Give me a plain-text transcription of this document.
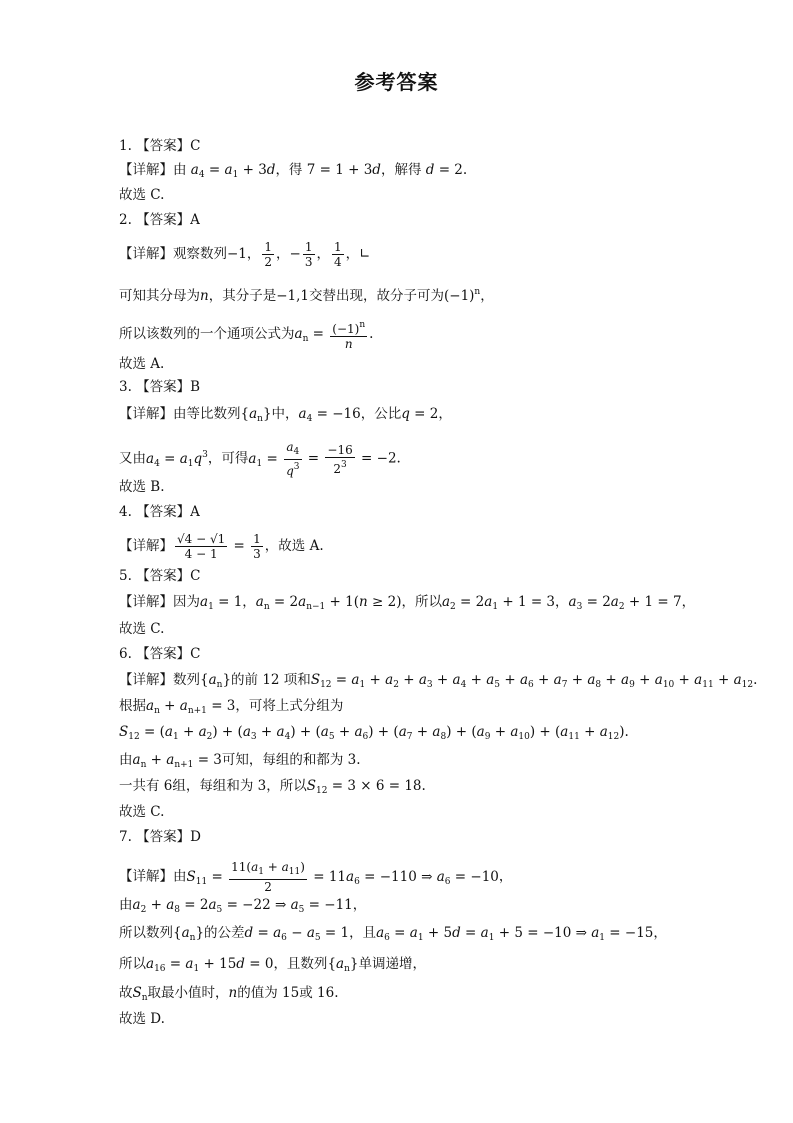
参考答案
1. 【答案】C
【详解】由 $a_4 = a_1 + 3d$，得 7 = 1 + 3d，解得 d = 2.
故选 C.
2. 【答案】A
【详解】观察数列−1， $\frac{1}{2}$ ，− $\frac{1}{3}$ ， $\frac{1}{4}$ ，∟
可知其分母为n，其分子是−1,1交替出现，故分子可为$(-1)^n$，
所以该数列的一个通项公式为$a_n = \frac{(-1)^n}{n}$ .
故选 A.
3. 【答案】B
【详解】由等比数列$\{a_n\}$中，$a_4 = -16$，公比q = 2，
又由$a_4 = a_1q^3$，可得$a_1 = \frac{a_4}{q^3} = \frac{-16}{2^3} = -2$.
故选 B.
4. 【答案】A
【详解】 $\frac{√4 - √1}{4 - 1} = \frac{1}{3}$ ，故选 A.
5. 【答案】C
【详解】因为$a_1 = 1$，$a_n = 2a_{n-1} + 1(n \ge 2)$，所以$a_2 = 2a_1 + 1 = 3$，$a_3 = 2a_2 + 1 = 7$，
故选 C.
6. 【答案】C
【详解】数列$\{a_n\}$的前 12 项和$S_{12} = a_1 + a_2 + a_3 + a_4 + a_5 + a_6 + a_7 + a_8 + a_9 + a_{10} + a_{11} + a_{12}$.
根据$a_n + a_{n+1} = 3$，可将上式分组为
$S_{12} = (a_1 + a_2) + (a_3 + a_4) + (a_5 + a_6) + (a_7 + a_8) + (a_9 + a_{10}) + (a_{11} + a_{12})$.
由$a_n + a_{n+1} = 3$可知，每组的和都为 3.
一共有 6组，每组和为 3，所以$S_{12} = 3 \times 6 = 18$.
故选 C.
7. 【答案】D
【详解】由$S_{11} = \frac{11(a_1 + a_{11})}{2} = 11a_6 = -110$ ⇒ $a_6 = -10$，
由$a_2 + a_8 = 2a_5 = -22$ ⇒ $a_5 = -11$，
所以数列$\{a_n\}$的公差$d = a_6 - a_5 = 1$，且$a_6 = a_1 + 5d = a_1 + 5 = -10$ ⇒ $a_1 = -15$，
所以$a_{16} = a_1 + 15d = 0$，且数列$\{a_n\}$单调递增，
故$S_n$取最小值时，n的值为 15或 16.
故选 D.
